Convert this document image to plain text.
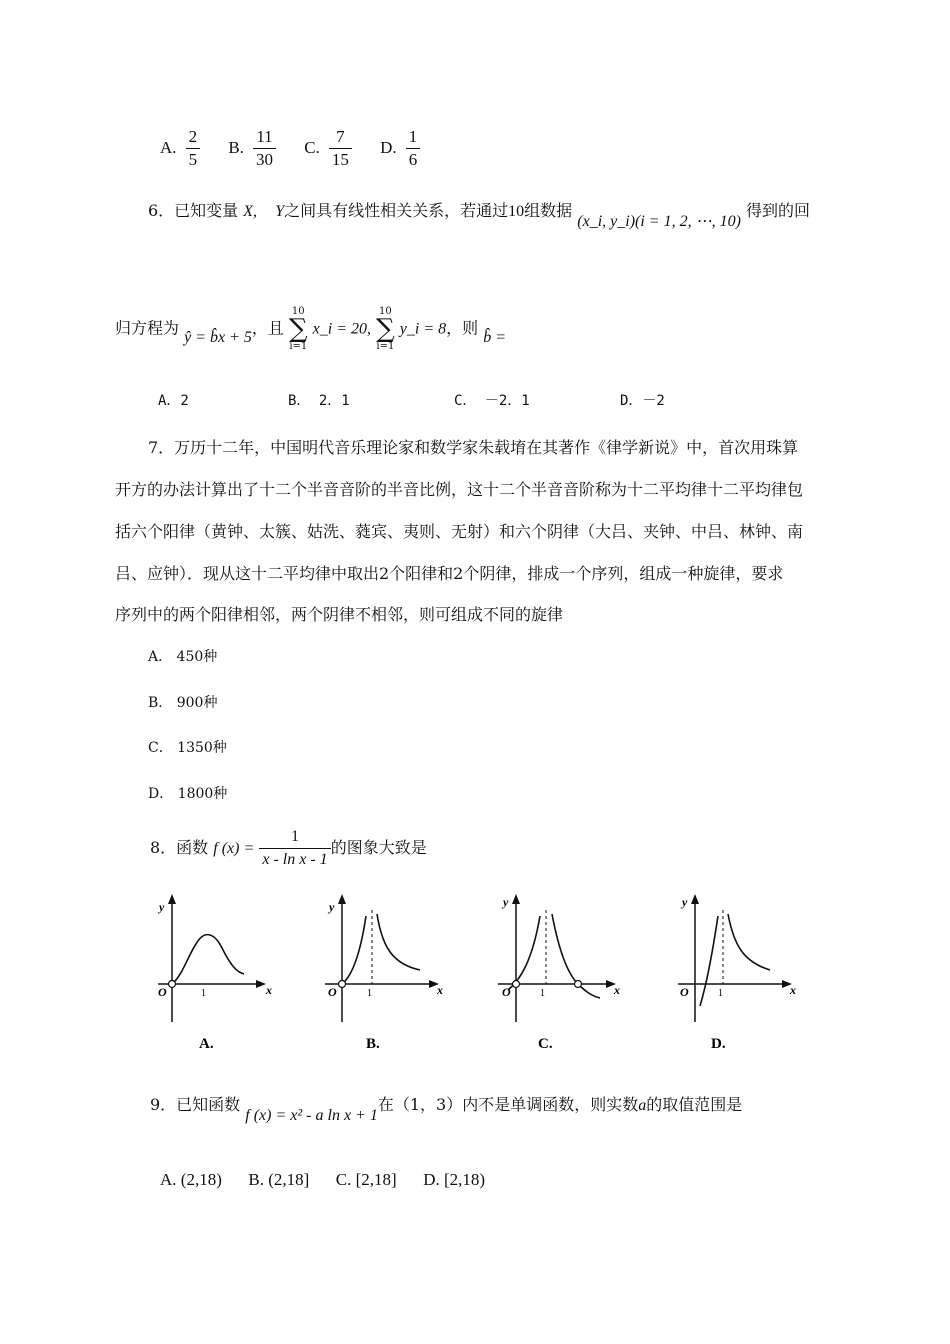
A. $\frac{2}{5} B$. $\frac{11}{30} C$. $\frac{7}{15} D$. $\frac{1}{6}$
6．已知变量 X, Y之间具有线性相关关系，若通过10组数据 (x_i, y_i)(i = 1, 2, ⋯, 10) 得到的回
归方程为 ŷ = b̂x + 5，且 10
∑
i=1 x_i = 20, 10
∑
i=1 y_i = 8，则 b̂ =
A．2	B． 2．1	C． －2．1	D．－2
7．万历十二年，中国明代音乐理论家和数学家朱载堉在其著作《律学新说》中，首次用珠算
开方的办法计算出了十二个半音音阶的半音比例，这十二个半音音阶称为十二平均律十二平均律包
括六个阳律（黄钟、太簇、姑洗、蕤宾、夷则、无射）和六个阴律（大吕、夹钟、中吕、林钟、南
吕、应钟）．现从这十二平均律中取出2个阳律和2个阴律，排成一个序列，组成一种旋律，要求
序列中的两个阳律相邻，两个阴律不相邻，则可组成不同的旋律
A． 450种
B． 900种
C． 1350种
D． 1800种
8．函数 f $(x) = \frac{1}{\text{x - ln x - 1}}$ 的图象大致是
y
O	1	x
y
O	1	x
y
O	1	x
y
O	1	x
A.	B.	C.	D.
9．已知函数 f (x) = x² - a ln x + 1在（1，3）内不是单调函数，则实数a的取值范围是
A. (2,18) B. (2,18] C. [2,18] D. [2,18)
